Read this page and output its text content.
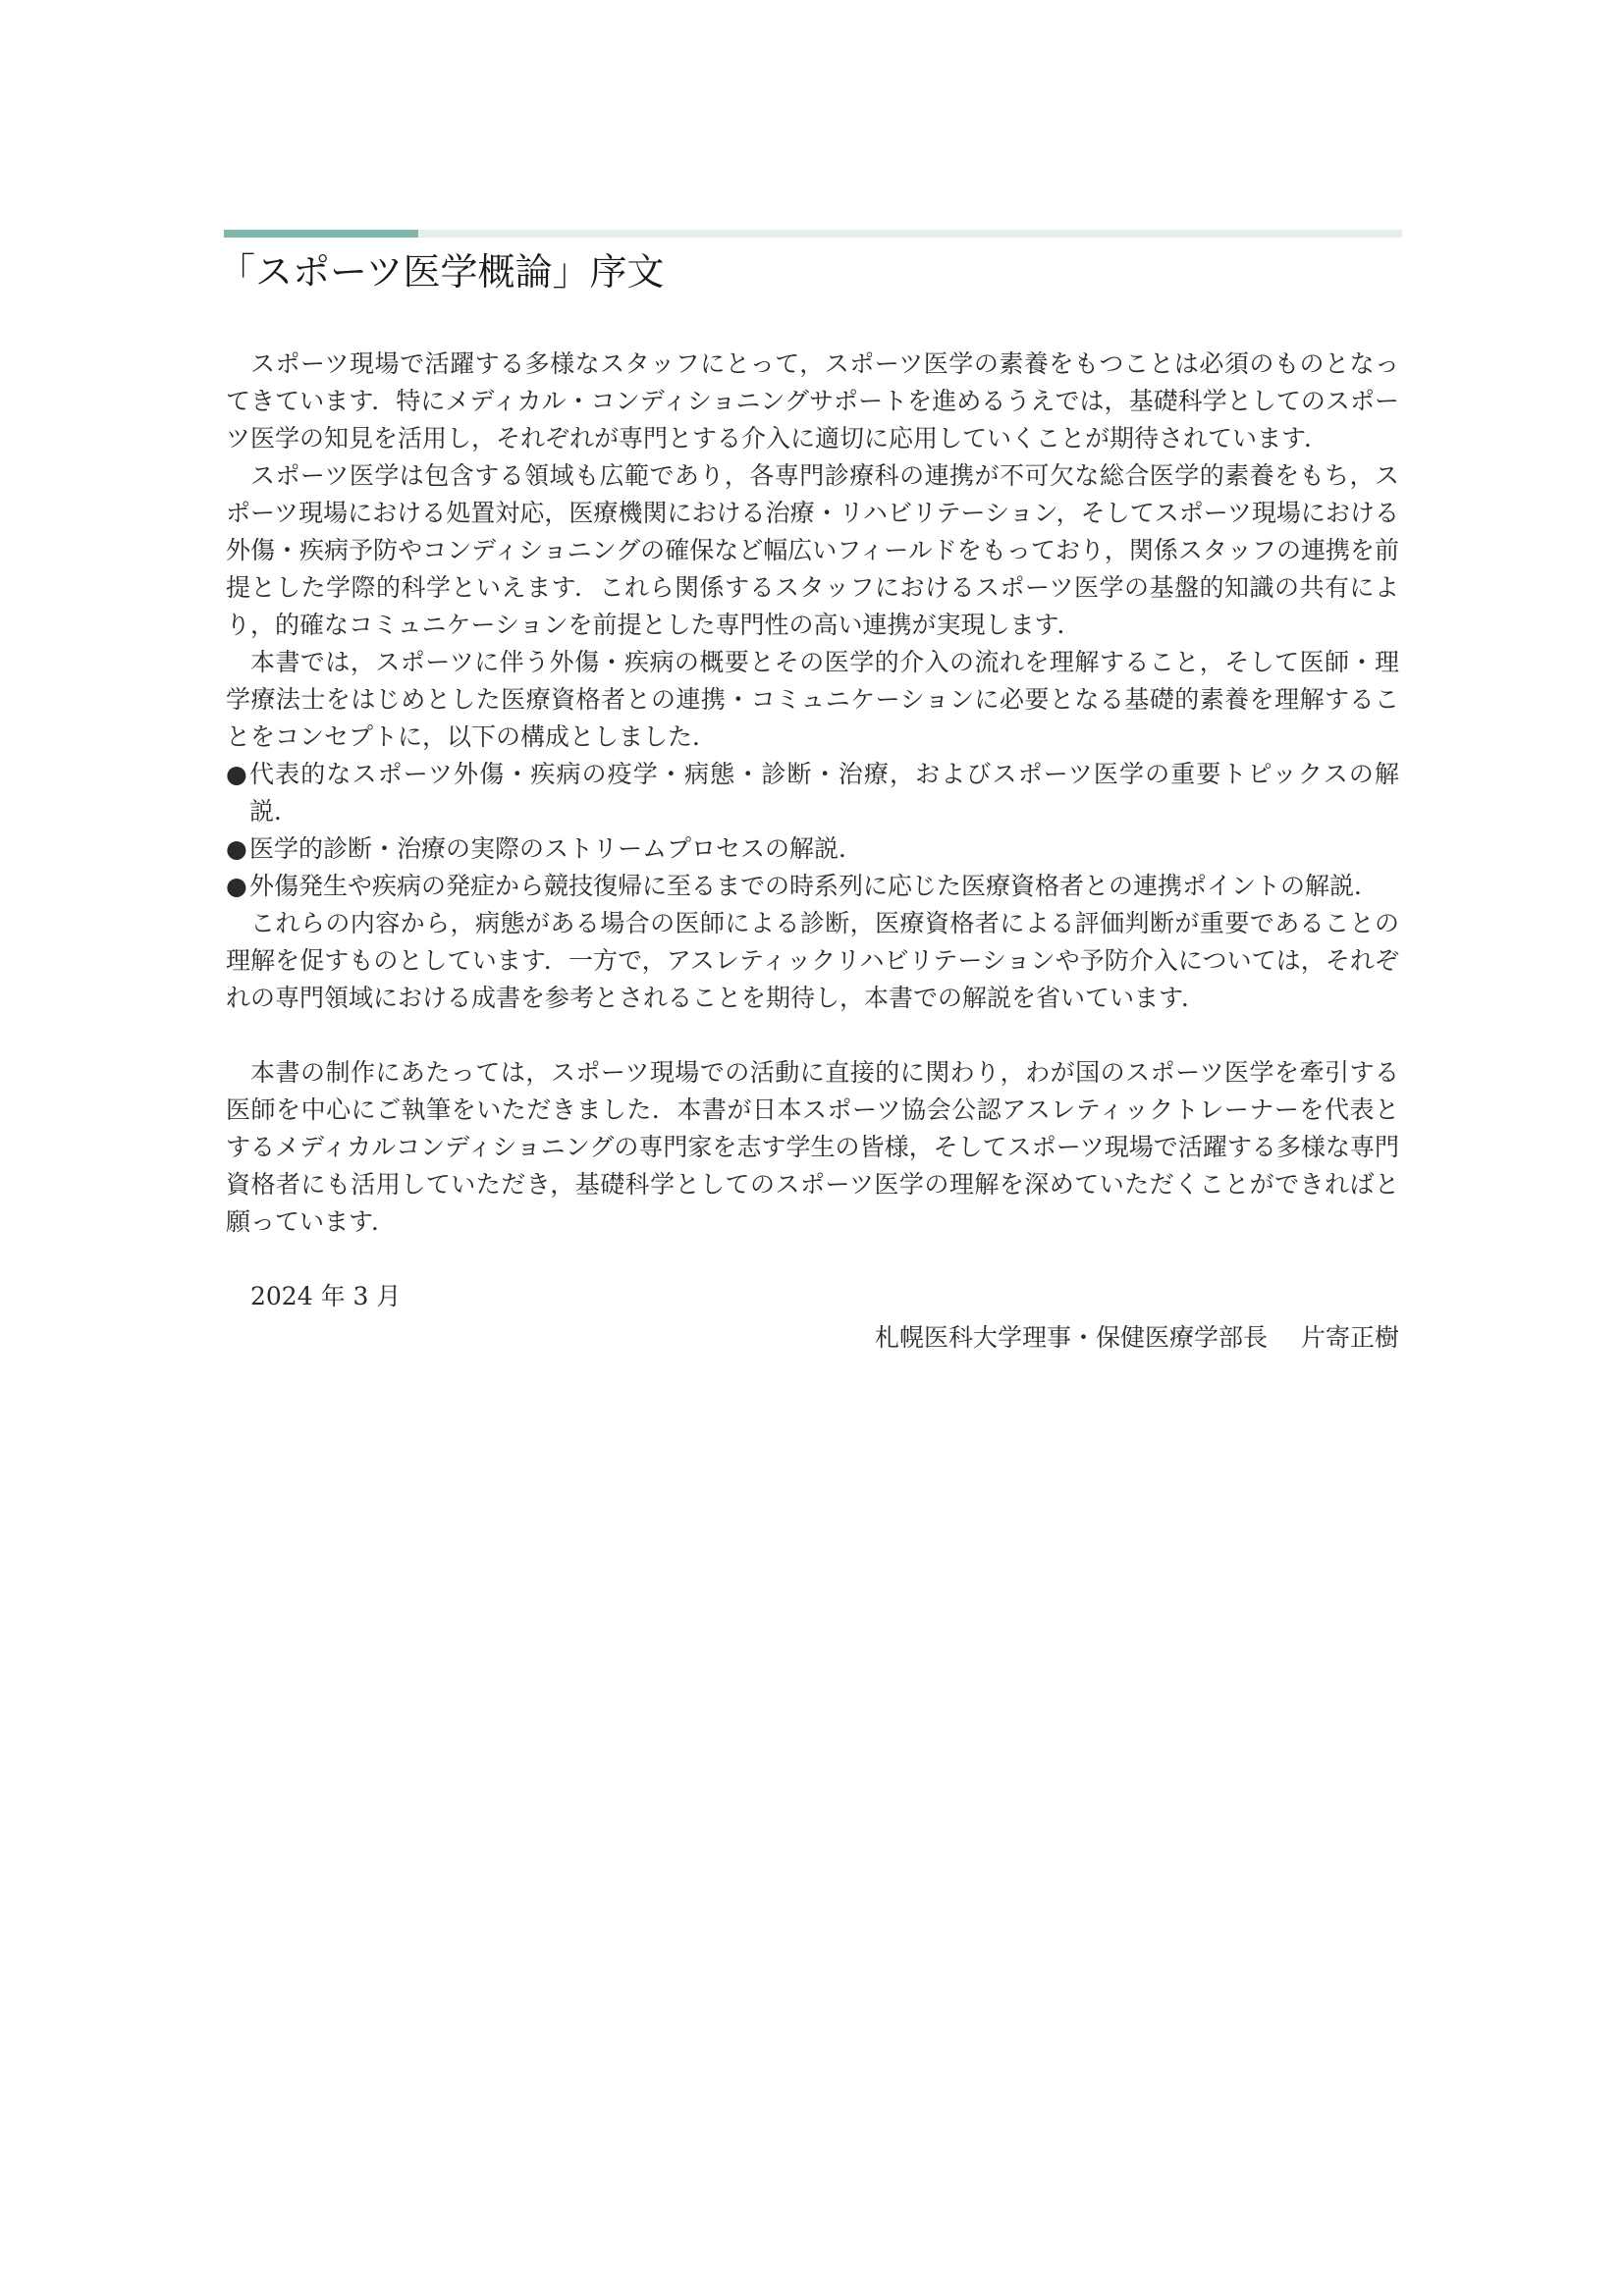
「スポーツ医学概論」序文

スポーツ現場で活躍する多様なスタッフにとって，スポーツ医学の素養をもつことは必須のものとなってきています．特にメディカル・コンディショニングサポートを進めるうえでは，基礎科学としてのスポーツ医学の知見を活用し，それぞれが専門とする介入に適切に応用していくことが期待されています．

スポーツ医学は包含する領域も広範であり，各専門診療科の連携が不可欠な総合医学的素養をもち，スポーツ現場における処置対応，医療機関における治療・リハビリテーション，そしてスポーツ現場における外傷・疾病予防やコンディショニングの確保など幅広いフィールドをもっており，関係スタッフの連携を前提とした学際的科学といえます．これら関係するスタッフにおけるスポーツ医学の基盤的知識の共有により，的確なコミュニケーションを前提とした専門性の高い連携が実現します．

本書では，スポーツに伴う外傷・疾病の概要とその医学的介入の流れを理解すること，そして医師・理学療法士をはじめとした医療資格者との連携・コミュニケーションに必要となる基礎的素養を理解することをコンセプトに，以下の構成としました．

● 代表的なスポーツ外傷・疾病の疫学・病態・診断・治療，およびスポーツ医学の重要トピックスの解説．
● 医学的診断・治療の実際のストリームプロセスの解説．
● 外傷発生や疾病の発症から競技復帰に至るまでの時系列に応じた医療資格者との連携ポイントの解説．

これらの内容から，病態がある場合の医師による診断，医療資格者による評価判断が重要であることの理解を促すものとしています．一方で，アスレティックリハビリテーションや予防介入については，それぞれの専門領域における成書を参考とされることを期待し，本書での解説を省いています．

本書の制作にあたっては，スポーツ現場での活動に直接的に関わり，わが国のスポーツ医学を牽引する医師を中心にご執筆をいただきました．本書が日本スポーツ協会公認アスレティックトレーナーを代表とするメディカルコンディショニングの専門家を志す学生の皆様，そしてスポーツ現場で活躍する多様な専門資格者にも活用していただき，基礎科学としてのスポーツ医学の理解を深めていただくことができればと願っています．

2024 年 3 月

札幌医科大学理事・保健医療学部長 片寄正樹
